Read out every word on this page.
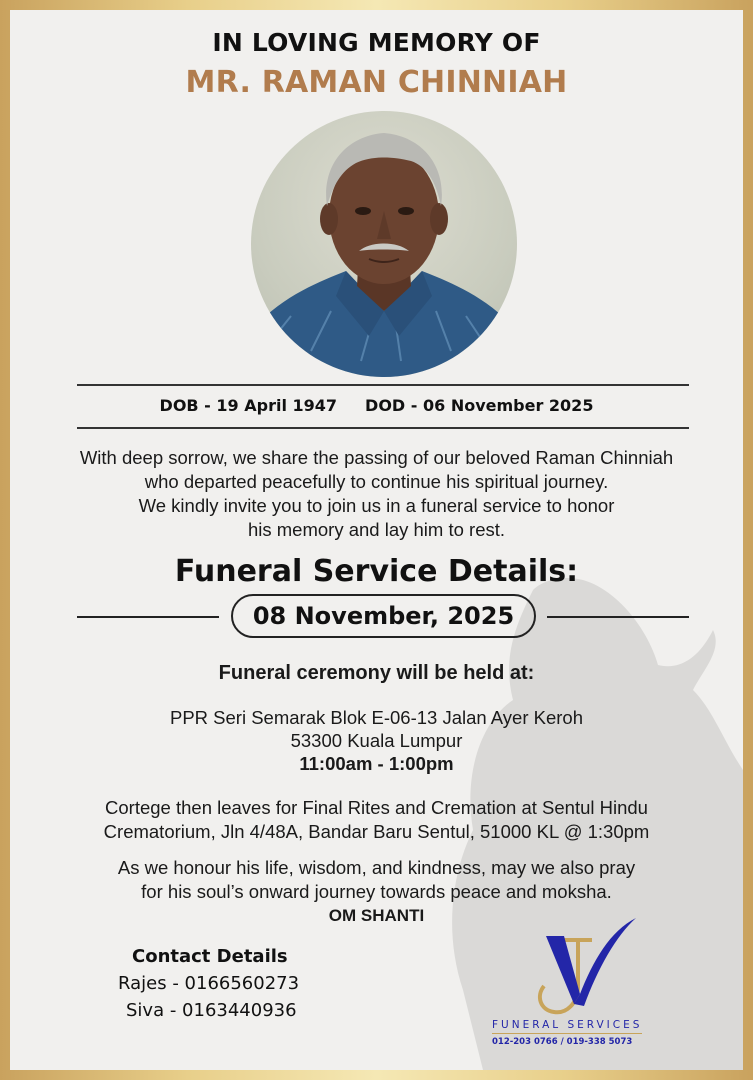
IN LOVING MEMORY OF
MR. RAMAN CHINNIAH
DOB - 19 April 1947 DOD - 06 November 2025
With deep sorrow, we share the passing of our beloved Raman Chinniah
who departed peacefully to continue his spiritual journey.
We kindly invite you to join us in a funeral service to honor
his memory and lay him to rest.
Funeral Service Details:
08 November, 2025
Funeral ceremony will be held at:
PPR Seri Semarak Blok E-06-13 Jalan Ayer Keroh
53300 Kuala Lumpur
11:00am - 1:00pm
Cortege then leaves for Final Rites and Cremation at Sentul Hindu
Crematorium, Jln 4/48A, Bandar Baru Sentul, 51000 KL @ 1:30pm
As we honour his life, wisdom, and kindness, may we also pray
for his soul’s onward journey towards peace and moksha.
OM SHANTI
Contact Details
Rajes - 0166560273
Siva - 0163440936
FUNERAL SERVICES
012-203 0766 / 019-338 5073
